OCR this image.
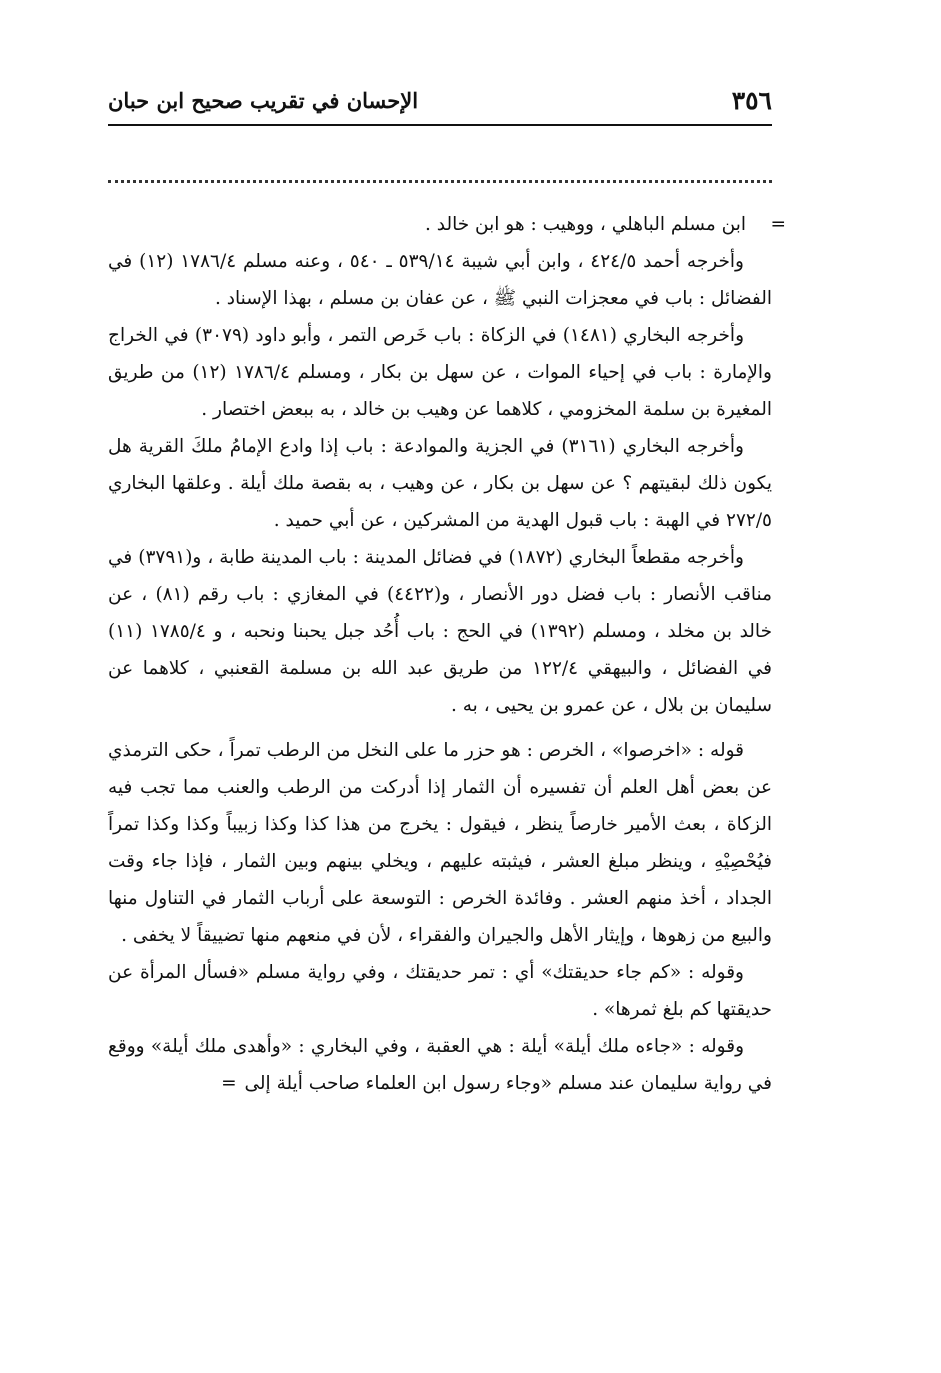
٣٥٦
الإحسان في تقريب صحيح ابن حبان

=
ابن مسلم الباهلي ، ووهيب : هو ابن خالد .

وأخرجه أحمد ٤٢٤/٥ ، وابن أبي شيبة ٥٣٩/١٤ ـ ٥٤٠ ، وعنه مسلم ١٧٨٦/٤ (١٢) في الفضائل : باب في معجزات النبي ﷺ ، عن عفان بن مسلم ، بهذا الإسناد .

وأخرجه البخاري (١٤٨١) في الزكاة : باب خَرص التمر ، وأبو داود (٣٠٧٩) في الخراج والإمارة : باب في إحياء الموات ، عن سهل بن بكار ، ومسلم ١٧٨٦/٤ (١٢) من طريق المغيرة بن سلمة المخزومي ، كلاهما عن وهيب بن خالد ، به ببعض اختصار .

وأخرجه البخاري (٣١٦١) في الجزية والموادعة : باب إذا وادع الإمامُ ملكَ القرية هل يكون ذلك لبقيتهم ؟ عن سهل بن بكار ، عن وهيب ، به بقصة ملك أيلة . وعلقها البخاري ٢٧٢/٥ في الهبة : باب قبول الهدية من المشركين ، عن أبي حميد .

وأخرجه مقطعاً البخاري (١٨٧٢) في فضائل المدينة : باب المدينة طابة ، و(٣٧٩١) في مناقب الأنصار : باب فضل دور الأنصار ، و(٤٤٢٢) في المغازي : باب رقم (٨١) ، عن خالد بن مخلد ، ومسلم (١٣٩٢) في الحج : باب أُحُد جبل يحبنا ونحبه ، و ١٧٨٥/٤ (١١) في الفضائل ، والبيهقي ١٢٢/٤ من طريق عبد الله بن مسلمة القعنبي ، كلاهما عن سليمان بن بلال ، عن عمرو بن يحيى ، به .

قوله : «اخرصوا» ، الخرص : هو حزر ما على النخل من الرطب تمراً ، حكى الترمذي عن بعض أهل العلم أن تفسيره أن الثمار إذا أدركت من الرطب والعنب مما تجب فيه الزكاة ، بعث الأمير خارصاً ينظر ، فيقول : يخرج من هذا كذا وكذا زبيباً وكذا وكذا تمراً فيُحْصِيْهِ ، وينظر مبلغ العشر ، فيثبته عليهم ، ويخلي بينهم وبين الثمار ، فإذا جاء وقت الجداد ، أخذ منهم العشر . وفائدة الخرص : التوسعة على أرباب الثمار في التناول منها والبيع من زهوها ، وإيثار الأهل والجيران والفقراء ، لأن في منعهم منها تضييقاً لا يخفى .

وقوله : «كم جاء حديقتك» أي : تمر حديقتك ، وفي رواية مسلم «فسأل المرأة عن حديقتها كم بلغ ثمرها» .

وقوله : «جاءه ملك أيلة» أيلة : هي العقبة ، وفي البخاري : «وأهدى ملك أيلة» ووقع في رواية سليمان عند مسلم «وجاء رسول ابن العلماء صاحب أيلة إلى =
